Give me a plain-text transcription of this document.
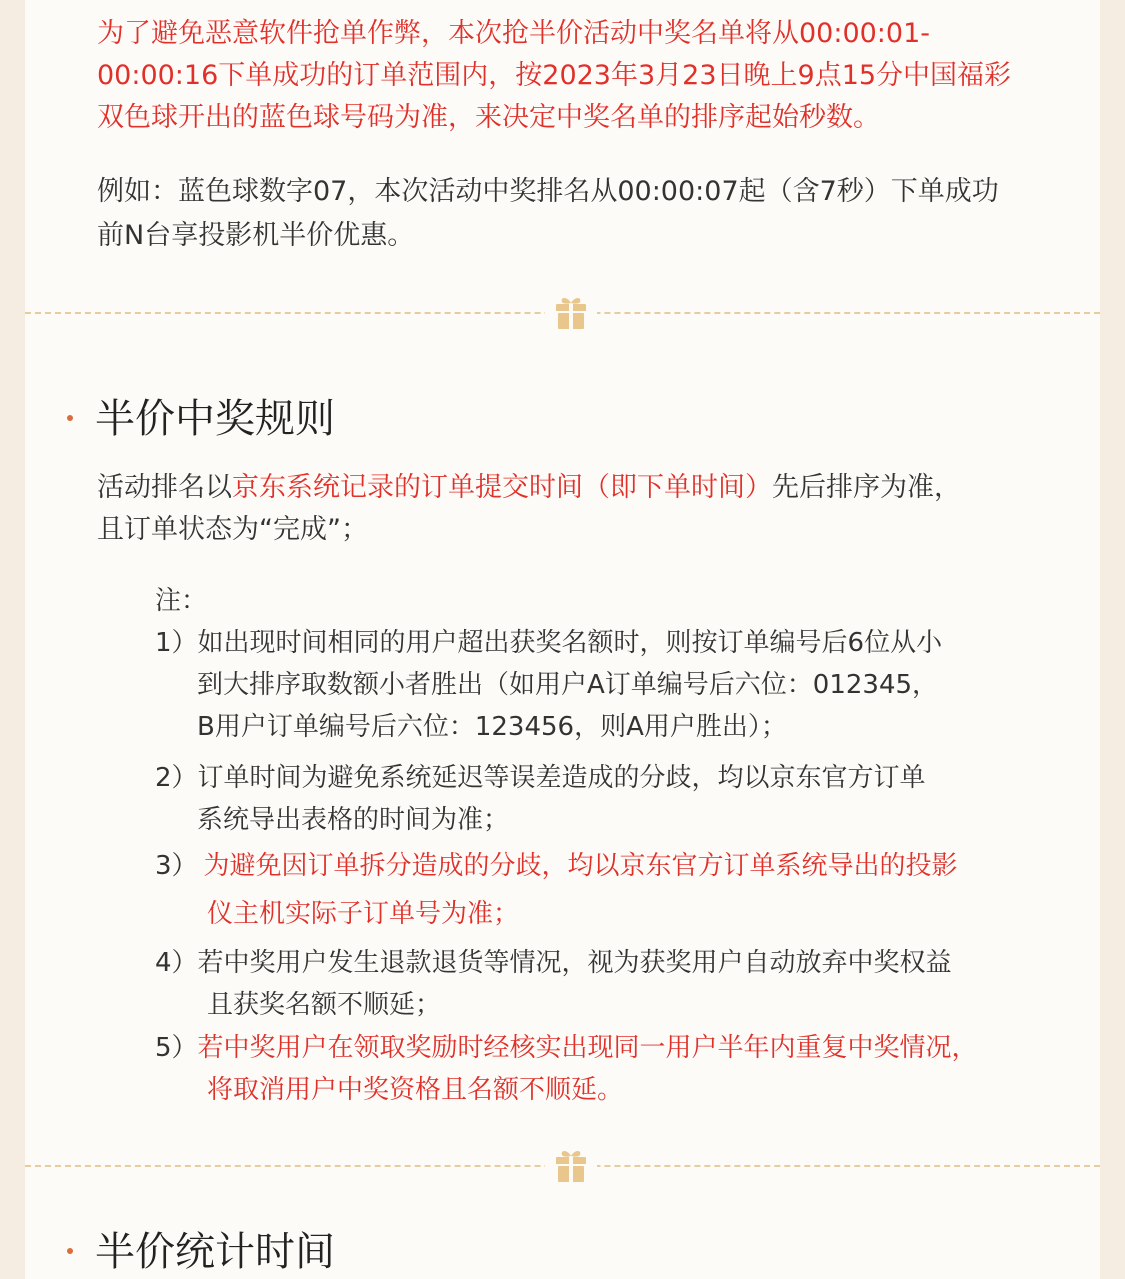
为了避免恶意软件抢单作弊，本次抢半价活动中奖名单将从00:00:01-
00:00:16下单成功的订单范围内，按2023年3月23日晚上9点15分中国福彩
双色球开出的蓝色球号码为准，来决定中奖名单的排序起始秒数。
例如：蓝色球数字07，本次活动中奖排名从00:00:07起（含7秒）下单成功
前N台享投影机半价优惠。
半价中奖规则
活动排名以京东系统记录的订单提交时间（即下单时间）先后排序为准，
且订单状态为“完成”；
注：
1）如出现时间相同的用户超出获奖名额时，则按订单编号后6位从小
到大排序取数额小者胜出（如用户A订单编号后六位：012345，
B用户订单编号后六位：123456，则A用户胜出）；
2）订单时间为避免系统延迟等误差造成的分歧，均以京东官方订单
系统导出表格的时间为准；
3） 为避免因订单拆分造成的分歧，均以京东官方订单系统导出的投影
仪主机实际子订单号为准；
4）若中奖用户发生退款退货等情况，视为获奖用户自动放弃中奖权益
且获奖名额不顺延；
5）若中奖用户在领取奖励时经核实出现同一用户半年内重复中奖情况，
将取消用户中奖资格且名额不顺延。
半价统计时间
